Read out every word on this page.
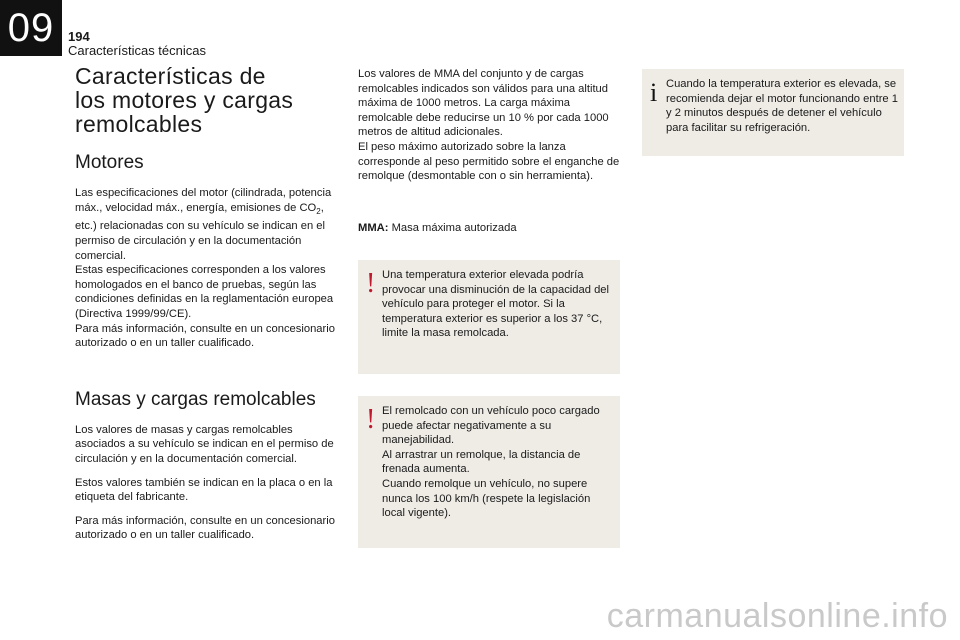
09 194
Características técnicas
Características de
los motores y cargas
remolcables
Motores

Las especificaciones del motor (cilindrada, potencia máx., velocidad máx., energía, emisiones de $CO_2$, etc.) relacionadas con su vehículo se indican en el permiso de circulación y en la documentación comercial.

Estas especificaciones corresponden a los valores homologados en el banco de pruebas, según las condiciones definidas en la reglamentación europea (Directiva 1999/99/CE).

Para más información, consulte en un concesionario autorizado o en un taller cualificado.

Masas y cargas remolcables

Los valores de masas y cargas remolcables asociados a su vehículo se indican en el permiso de circulación y en la documentación comercial.

Estos valores también se indican en la placa o en la etiqueta del fabricante.

Para más información, consulte en un concesionario autorizado o en un taller cualificado.

Los valores de MMA del conjunto y de cargas remolcables indicados son válidos para una altitud máxima de 1000 metros. La carga máxima remolcable debe reducirse un 10 % por cada 1000 metros de altitud adicionales.

El peso máximo autorizado sobre la lanza corresponde al peso permitido sobre el enganche de remolque (desmontable con o sin herramienta).

MMA: Masa máxima autorizada
! Una temperatura exterior elevada podría provocar una disminución de la capacidad del vehículo para proteger el motor. Si la temperatura exterior es superior a los 37 °C, limite la masa remolcada.
! El remolcado con un vehículo poco cargado puede afectar negativamente a su manejabilidad.
Al arrastrar un remolque, la distancia de frenada aumenta.
Cuando remolque un vehículo, no supere nunca los 100 km/h (respete la legislación local vigente).
i Cuando la temperatura exterior es elevada, se recomienda dejar el motor funcionando entre 1 y 2 minutos después de detener el vehículo para facilitar su refrigeración.
carmanualsonline.info
